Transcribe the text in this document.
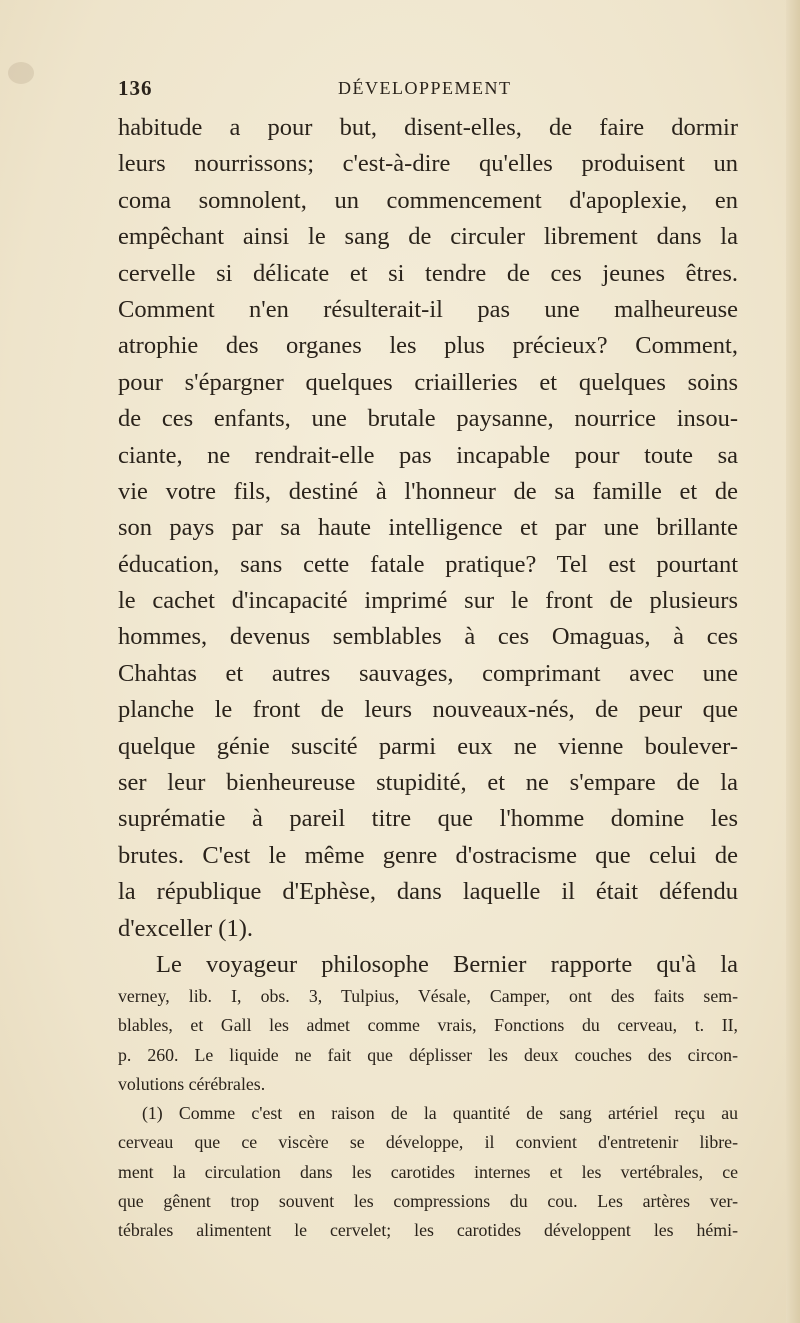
136	DÉVELOPPEMENT
habitude a pour but, disent-elles, de faire dormir
leurs nourrissons; c'est-à-dire qu'elles produisent un
coma somnolent, un commencement d'apoplexie, en
empêchant ainsi le sang de circuler librement dans la
cervelle si délicate et si tendre de ces jeunes êtres.
Comment n'en résulterait-il pas une malheureuse
atrophie des organes les plus précieux? Comment,
pour s'épargner quelques criailleries et quelques soins
de ces enfants, une brutale paysanne, nourrice insou-
ciante, ne rendrait-elle pas incapable pour toute sa
vie votre fils, destiné à l'honneur de sa famille et de
son pays par sa haute intelligence et par une brillante
éducation, sans cette fatale pratique? Tel est pourtant
le cachet d'incapacité imprimé sur le front de plusieurs
hommes, devenus semblables à ces Omaguas, à ces
Chahtas et autres sauvages, comprimant avec une
planche le front de leurs nouveaux-nés, de peur que
quelque génie suscité parmi eux ne vienne boulever-
ser leur bienheureuse stupidité, et ne s'empare de la
suprématie à pareil titre que l'homme domine les
brutes. C'est le même genre d'ostracisme que celui de
la république d'Ephèse, dans laquelle il était défendu
d'exceller (1).
Le voyageur philosophe Bernier rapporte qu'à la
verney, lib. I, obs. 3, Tulpius, Vésale, Camper, ont des faits sem-
blables, et Gall les admet comme vrais, Fonctions du cerveau, t. II,
p. 260. Le liquide ne fait que déplisser les deux couches des circon-
volutions cérébrales.
(1) Comme c'est en raison de la quantité de sang artériel reçu au
cerveau que ce viscère se développe, il convient d'entretenir libre-
ment la circulation dans les carotides internes et les vertébrales, ce
que gênent trop souvent les compressions du cou. Les artères ver-
tébrales alimentent le cervelet; les carotides développent les hémi-
